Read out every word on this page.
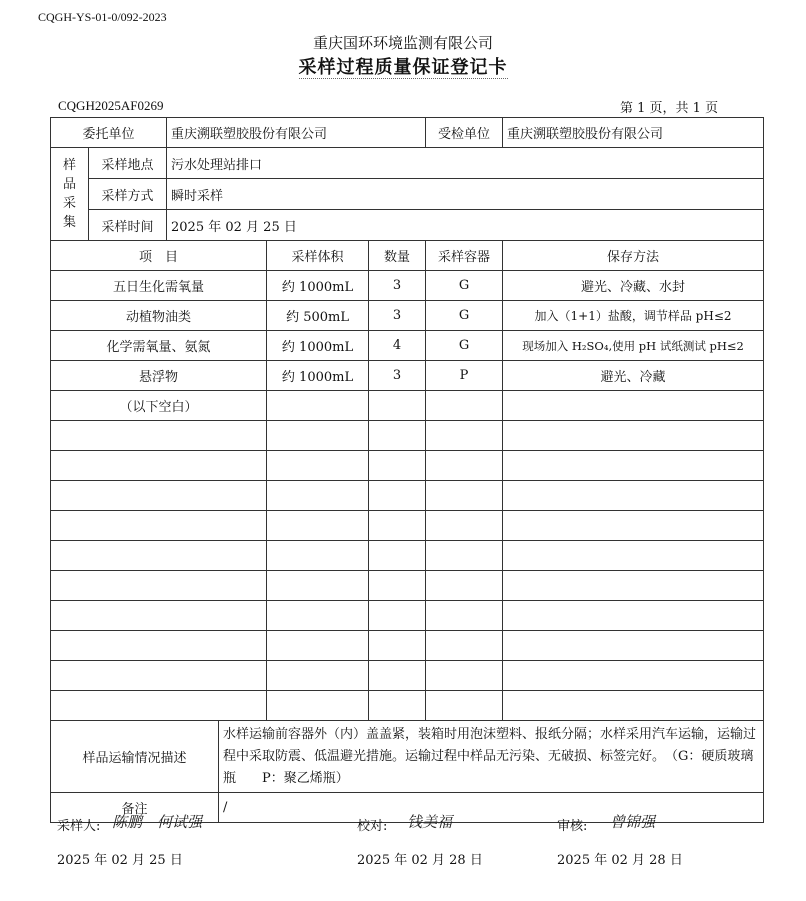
CQGH-YS-01-0/092-2023
重庆国环环境监测有限公司
采样过程质量保证登记卡
CQGH2025AF0269	第 1 页，共 1 页
委托单位		重庆溯联塑胶股份有限公司				受检单位	重庆溯联塑胶股份有限公司
样品采集	采样地点	污水处理站排口					
	采样方式	瞬时采样					
	采样时间	2025 年 02 月 25 日					
项　目				采样体积	数量	采样容器	保存方法
五日生化需氧量				约 1000mL	3	G	避光、冷藏、水封
动植物油类				约 500mL	3	G	加入（1+1）盐酸，调节样品 pH≤2
化学需氧量、氨氮				约 1000mL	4	G	现场加入 H₂SO₄,使用 pH 试纸测试 pH≤2
悬浮物				约 1000mL	3	P	避光、冷藏
（以下空白）							

样品运输情况描述			水样运输前容器外（内）盖盖紧，装箱时用泡沫塑料、报纸分隔；水样采用汽车运输，运输过程中采取防震、低温避光措施。运输过程中样品无污染、无破损、标签完好。　（G：硬质玻璃瓶　　P：聚乙烯瓶）				
备注			/				
采样人: 陈鹏　何试强	校对: 钱美福	审核: 曾锦强
2025 年 02 月 25 日	2025 年 02 月 28 日	2025 年 02 月 28 日
